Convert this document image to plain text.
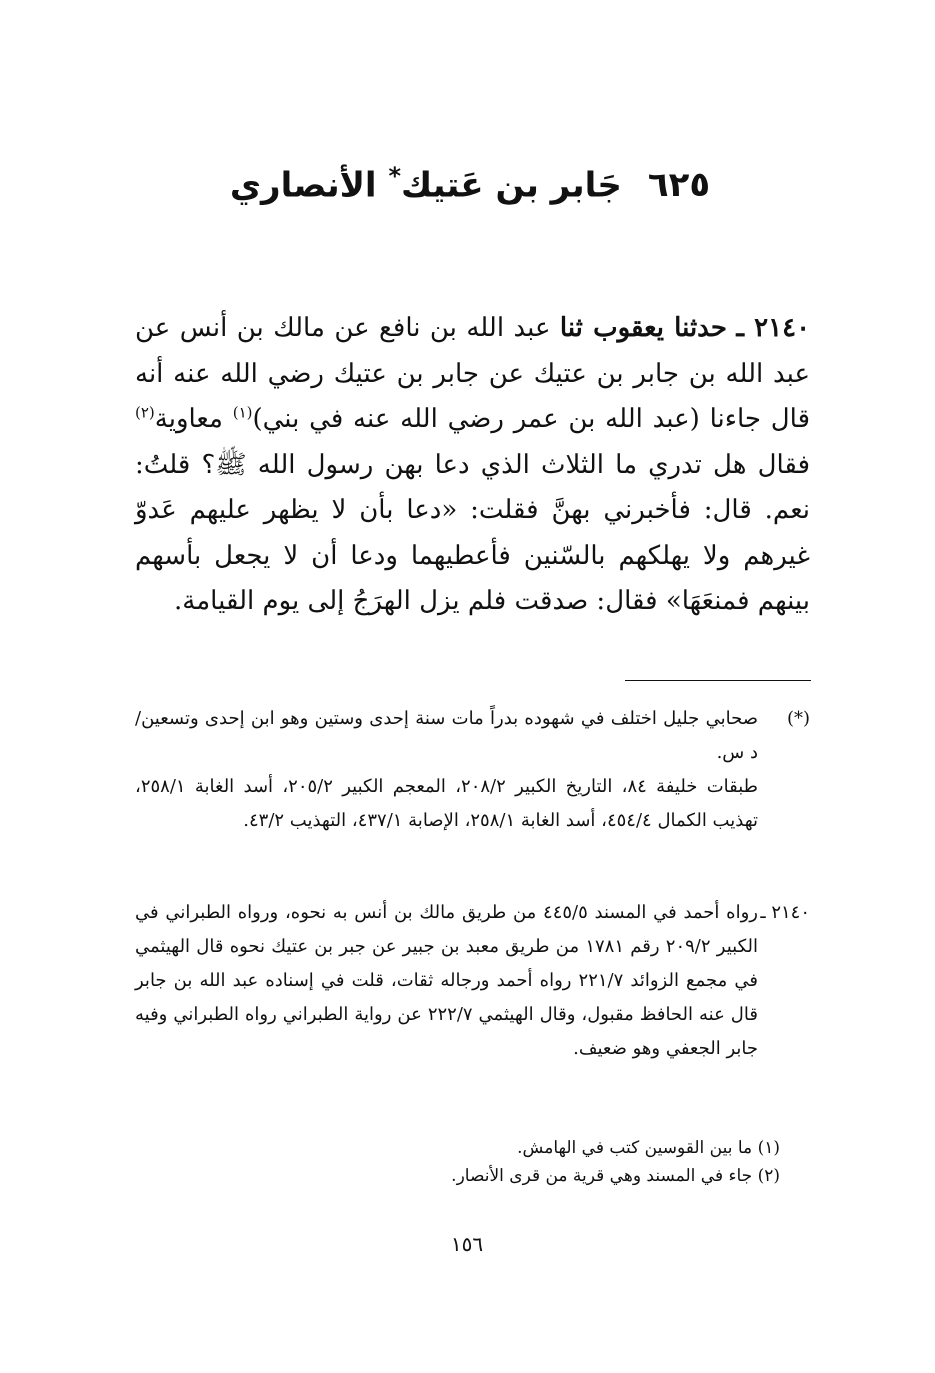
٦٢٥جَابر بن عَتيك* الأنصاري
٢١٤٠ ـ حدثنا يعقوب ثنا عبد الله بن نافع عن مالك بن أنس عن عبد الله بن جابر بن عتيك عن جابر بن عتيك رضي الله عنه أنه قال جاءنا (عبد الله بن عمر رضي الله عنه في بني)$^{(١)}$ معاوية$^{(٢)}$ فقال هل تدري ما الثلاث الذي دعا بهن رسول الله ﷺ؟ قلتُ: نعم. قال: فأخبرني بهنَّ فقلت: «دعا بأن لا يظهر عليهم عَدوّ غيرهم ولا يهلكهم بالسّنين فأعطيهما ودعا أن لا يجعل بأسهم بينهم فمنعَهَا» فقال: صدقت فلم يزل الهرَجُ إلى يوم القيامة.
(*)صحابي جليل اختلف في شهوده بدراً مات سنة إحدى وستين وهو ابن إحدى وتسعين/د س.
طبقات خليفة ٨٤، التاريخ الكبير ٢٠٨/٢، المعجم الكبير ٢٠٥/٢، أسد الغابة ٢٥٨/١، تهذيب الكمال ٤٥٤/٤، أسد الغابة ٢٥٨/١، الإصابة ٤٣٧/١، التهذيب ٤٣/٢.
٢١٤٠ ـرواه أحمد في المسند ٤٤٥/٥ من طريق مالك بن أنس به نحوه، ورواه الطبراني في الكبير ٢٠٩/٢ رقم ١٧٨١ من طريق معبد بن جبير عن جبر بن عتيك نحوه قال الهيثمي في مجمع الزوائد ٢٢١/٧ رواه أحمد ورجاله ثقات، قلت في إسناده عبد الله بن جابر قال عنه الحافظ مقبول، وقال الهيثمي ٢٢٢/٧ عن رواية الطبراني رواه الطبراني وفيه جابر الجعفي وهو ضعيف.
(١) ما بين القوسين كتب في الهامش.
(٢) جاء في المسند وهي قرية من قرى الأنصار.
١٥٦
